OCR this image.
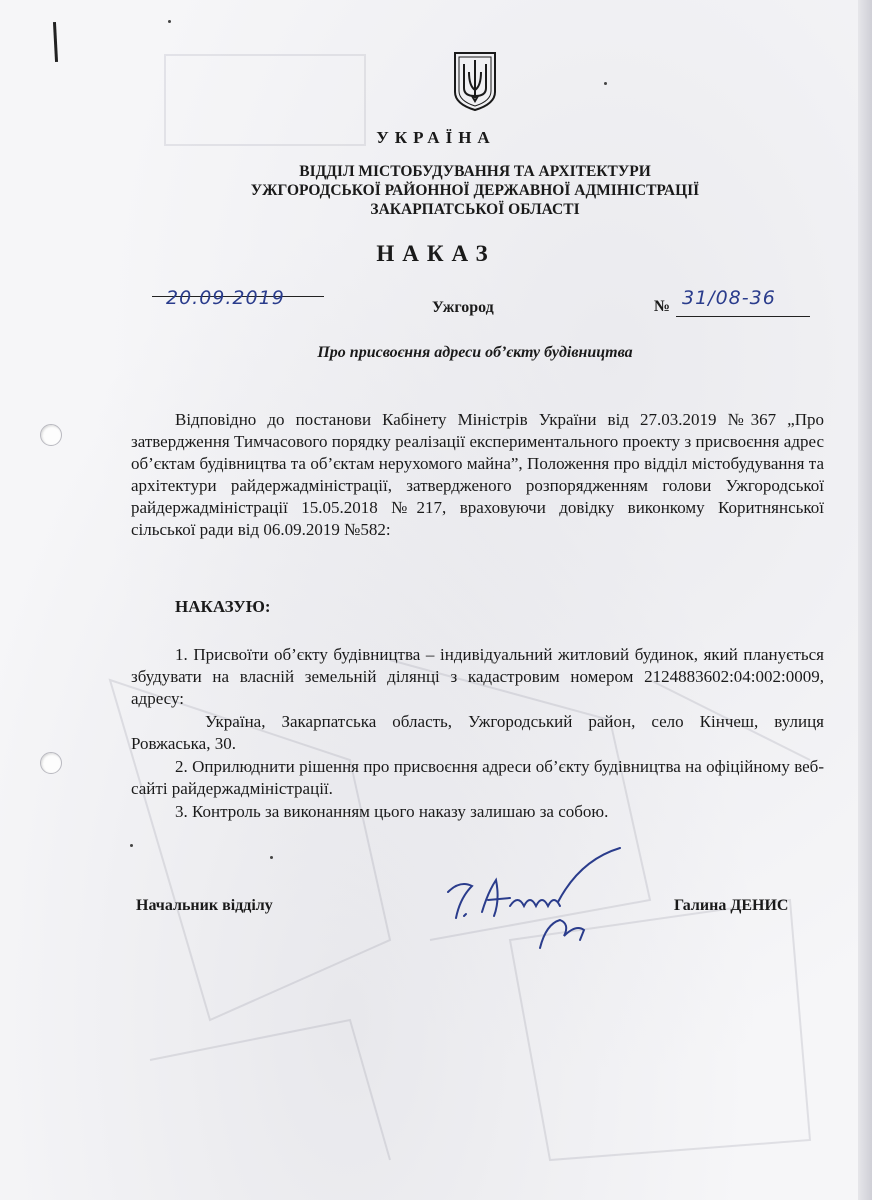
УКРАЇНА
ВІДДІЛ МІСТОБУДУВАННЯ ТА АРХІТЕКТУРИ
УЖГОРОДСЬКОЇ РАЙОННОЇ ДЕРЖАВНОЇ АДМІНІСТРАЦІЇ
ЗАКАРПАТСЬКОЇ ОБЛАСТІ
НАКАЗ
20.09.2019	Ужгород	№ 31/08-36
Про присвоєння адреси об’єкту будівництва
Відповідно до постанови Кабінету Міністрів України від 27.03.2019 №367 „Про затвердження Тимчасового порядку реалізації експериментального проекту з присвоєння адрес об’єктам будівництва та об’єктам нерухомого майна”, Положення про відділ містобудування та архітектури райдержадміністрації, затвердженого розпорядженням голови Ужгородської райдержадміністрації 15.05.2018 №217, враховуючи довідку виконкому Коритнянської сільської ради від 06.09.2019 №582:
НАКАЗУЮ:
1. Присвоїти об’єкту будівництва – індивідуальний житловий будинок, який планується збудувати на власній земельній ділянці з кадастровим номером 2124883602:04:002:0009, адресу:
Україна, Закарпатська область, Ужгородський район, село Кінчеш, вулиця Ровжаська, 30.
2. Оприлюднити рішення про присвоєння адреси об’єкту будівництва на офіційному веб-сайті райдержадміністрації.
3. Контроль за виконанням цього наказу залишаю за собою.
Начальник відділу	Галина ДЕНИС
